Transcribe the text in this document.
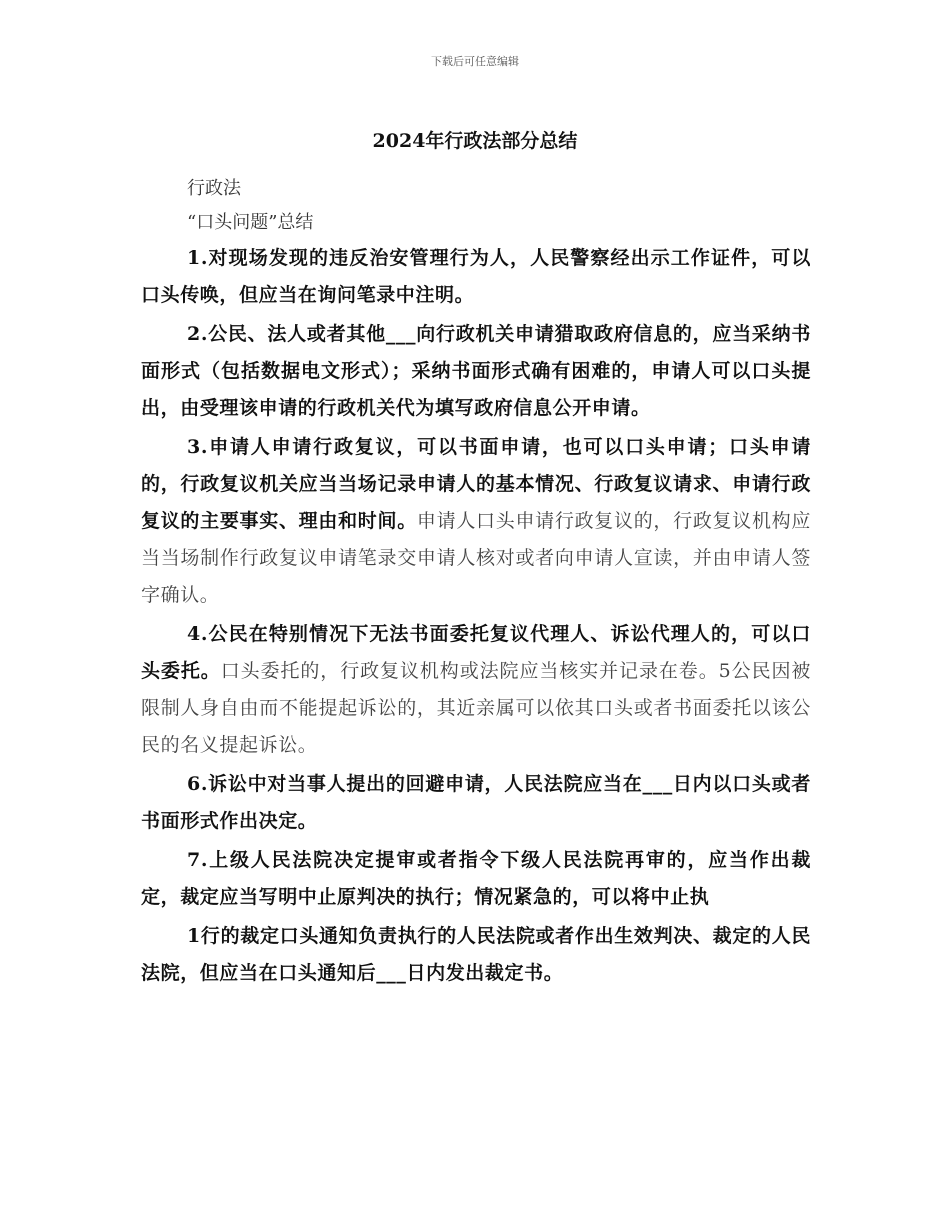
下载后可任意编辑
2024年行政法部分总结

行政法

“口头问题”总结

1.对现场发现的违反治安管理行为人，人民警察经出示工作证件，可以口头传唤，但应当在询问笔录中注明。

2.公民、法人或者其他___向行政机关申请猎取政府信息的，应当采纳书面形式（包括数据电文形式）；采纳书面形式确有困难的，申请人可以口头提出，由受理该申请的行政机关代为填写政府信息公开申请。

3.申请人申请行政复议，可以书面申请，也可以口头申请；口头申请的，行政复议机关应当当场记录申请人的基本情况、行政复议请求、申请行政复议的主要事实、理由和时间。申请人口头申请行政复议的，行政复议机构应当当场制作行政复议申请笔录交申请人核对或者向申请人宣读，并由申请人签字确认。

4.公民在特别情况下无法书面委托复议代理人、诉讼代理人的，可以口头委托。口头委托的，行政复议机构或法院应当核实并记录在卷。5公民因被限制人身自由而不能提起诉讼的，其近亲属可以依其口头或者书面委托以该公民的名义提起诉讼。

6.诉讼中对当事人提出的回避申请，人民法院应当在___日内以口头或者书面形式作出决定。

7.上级人民法院决定提审或者指令下级人民法院再审的，应当作出裁定，裁定应当写明中止原判决的执行；情况紧急的，可以将中止执

1行的裁定口头通知负责执行的人民法院或者作出生效判决、裁定的人民法院，但应当在口头通知后___日内发出裁定书。
